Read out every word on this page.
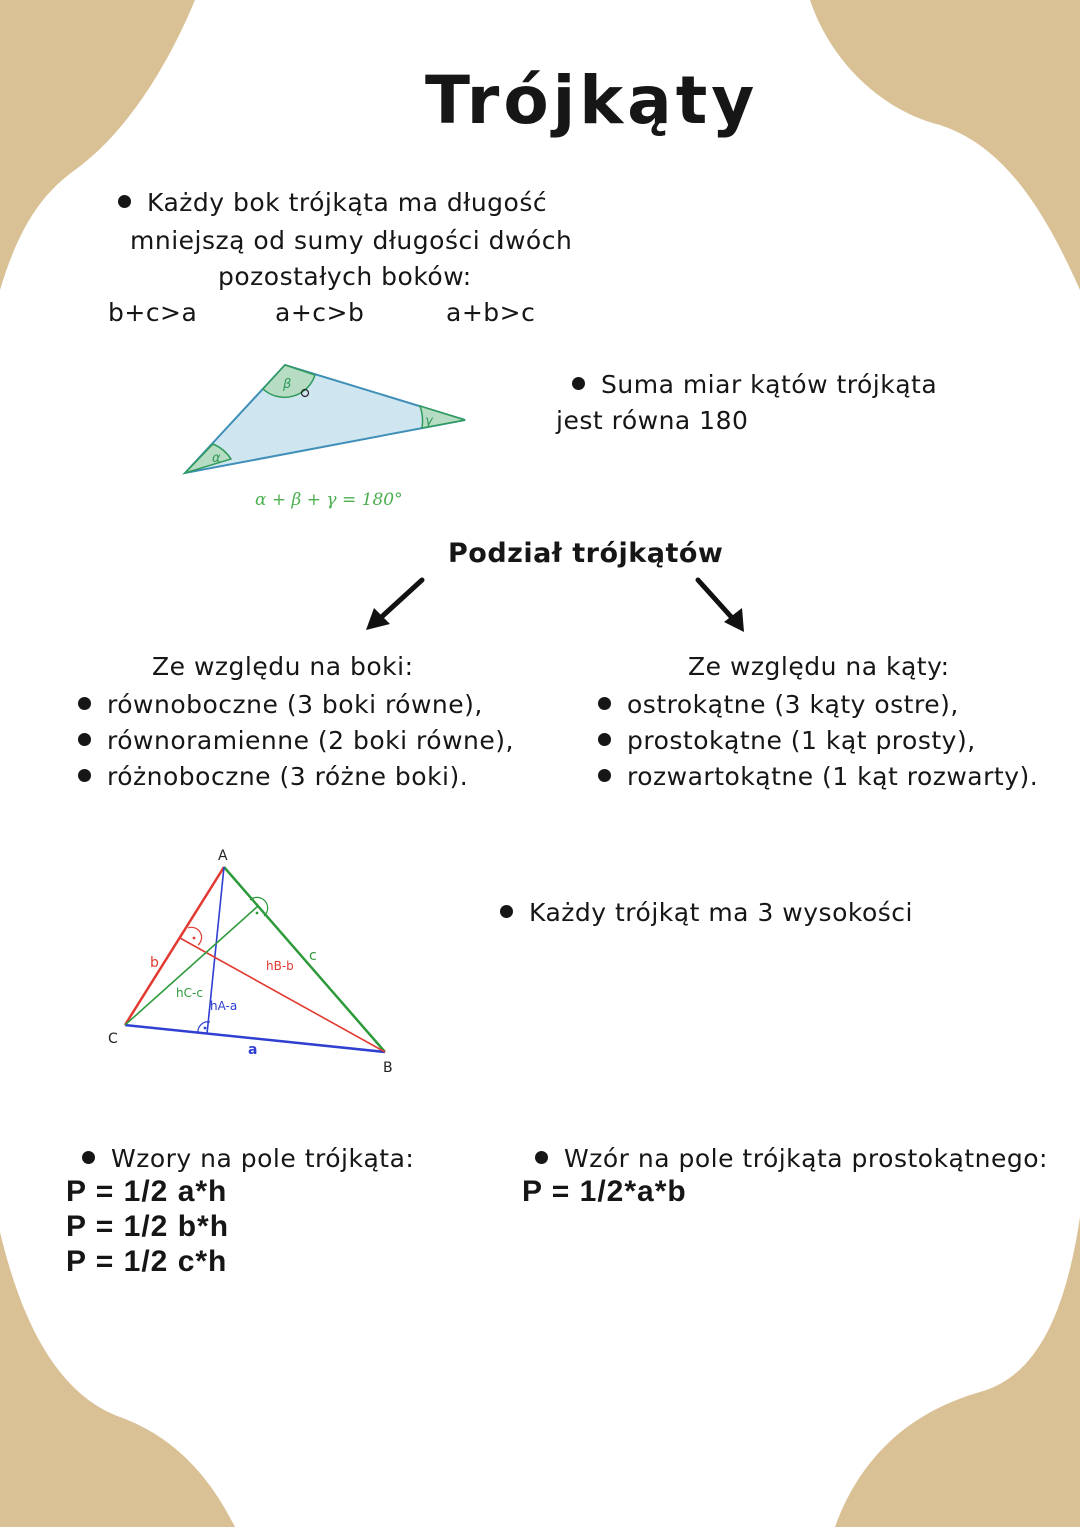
Trójkąty
Każdy bok trójkąta ma długość
mniejszą od sumy długości dwóch
pozostałych boków:
b+c>a	a+c>b	a+b>c
α
β
γ
α + β + γ = 180°
Suma miar kątów trójkąta
jest równa 180
Podział trójkątów
Ze względu na boki:
równoboczne (3 boki równe),
równoramienne (2 boki równe),
różnoboczne (3 różne boki).
Ze względu na kąty:
ostrokątne (3 kąty ostre),
prostokątne (1 kąt prosty),
rozwartokątne (1 kąt rozwarty).
A
B
C
a
b	c
hB-b
hC-c
hA-a
Każdy trójkąt ma 3 wysokości
Wzory na pole trójkąta:
P = 1/2 a*h
P = 1/2 b*h
P = 1/2 c*h
Wzór na pole trójkąta prostokątnego:
P = 1/2*a*b
